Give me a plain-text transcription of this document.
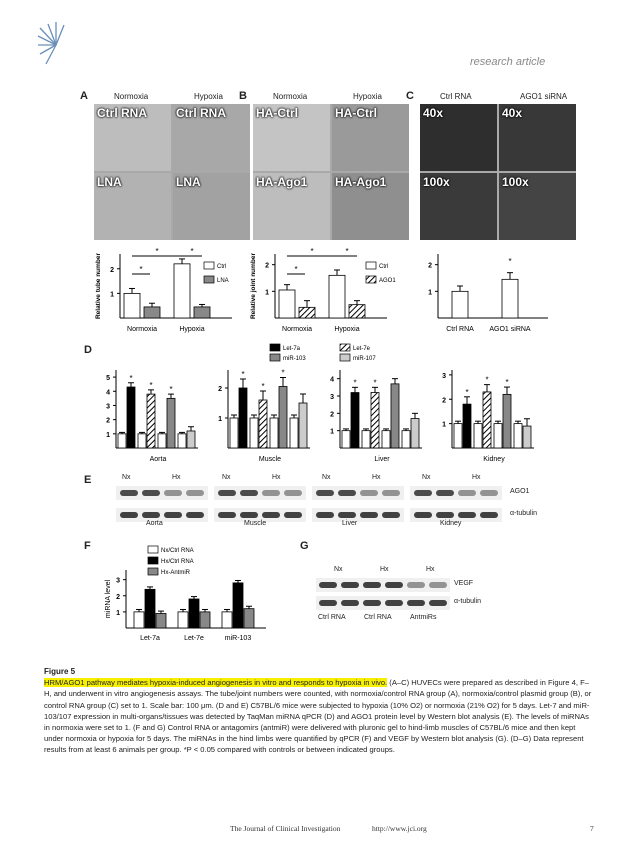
research article
A	Normoxia	Hypoxia
Ctrl RNA Ctrl RNA
LNA	LNA
B	Normoxia	Hypoxia
HA-Ctrl	HA-Ctrl
HA-Ago1 HA-Ago1
C	Ctrl RNA	AGO1 siRNA
40x	40x
100x	100x
1
2
Relative tube number
Normoxia	Hypoxia
Ctrl
LNA
*	*
*
1
2
Relative joint number
Normoxia	Hypoxia
Ctrl
AGO1
*	*
*
1
2
Ctrl RNA AGO1 siRNA
*
Let-7a	Let-7e
miR-103	miR-107
1
2
3
4
5 *
* *
Aorta
1
2
*
*
*
Muscle
1
2
3
4 * *
Liver
1
2
3
*
* *
Kidney
1
2
3
miRNA level
Let-7a	Let-7e	miR-103
Nx/Ctrl RNA
Hx/Ctrl RNA
Hx-AntmiR
F	G
E
D
Nx	Hx	Nx	Hx	Nx	Hx	Nx	Hx
AGO1
α-tubulin
Aorta	Muscle	Liver	Kidney
Nx	Hx	Hx
VEGF
α-tubulin
Ctrl RNA	Ctrl RNA	AntmiRs
Figure 5
HRM/AGO1 pathway mediates hypoxia-induced angiogenesis in vitro and responds to hypoxia in vivo. (A–C) HUVECs were prepared as described in Figure 4, F–H, and underwent in vitro angiogenesis assays. The tube/joint numbers were counted, with normoxia/control RNA group (A), normoxia/control plasmid group (B), or control RNA group (C) set to 1. Scale bar: 100 μm. (D and E) C57BL/6 mice were subjected to hypoxia (10% O2) or normoxia (21% O2) for 5 days. Let-7 and miR-103/107 expression in multi-organs/tissues was detected by TaqMan miRNA qPCR (D) and AGO1 protein level by Western blot analysis (E). The levels of miRNAs in normoxia were set to 1. (F and G) Control RNA or antagomirs (antmiR) were delivered with pluronic gel to hind-limb muscles of C57BL/6 mice and then kept under normoxia or hypoxia for 5 days. The miRNAs in the hind limbs were quantified by qPCR (F) and VEGF by Western blot analysis (G). (D–G) Data represent results from at least 6 animals per group. *P < 0.05 compared with controls or between indicated groups.
The Journal of Clinical Investigation	http://www.jci.org	7
